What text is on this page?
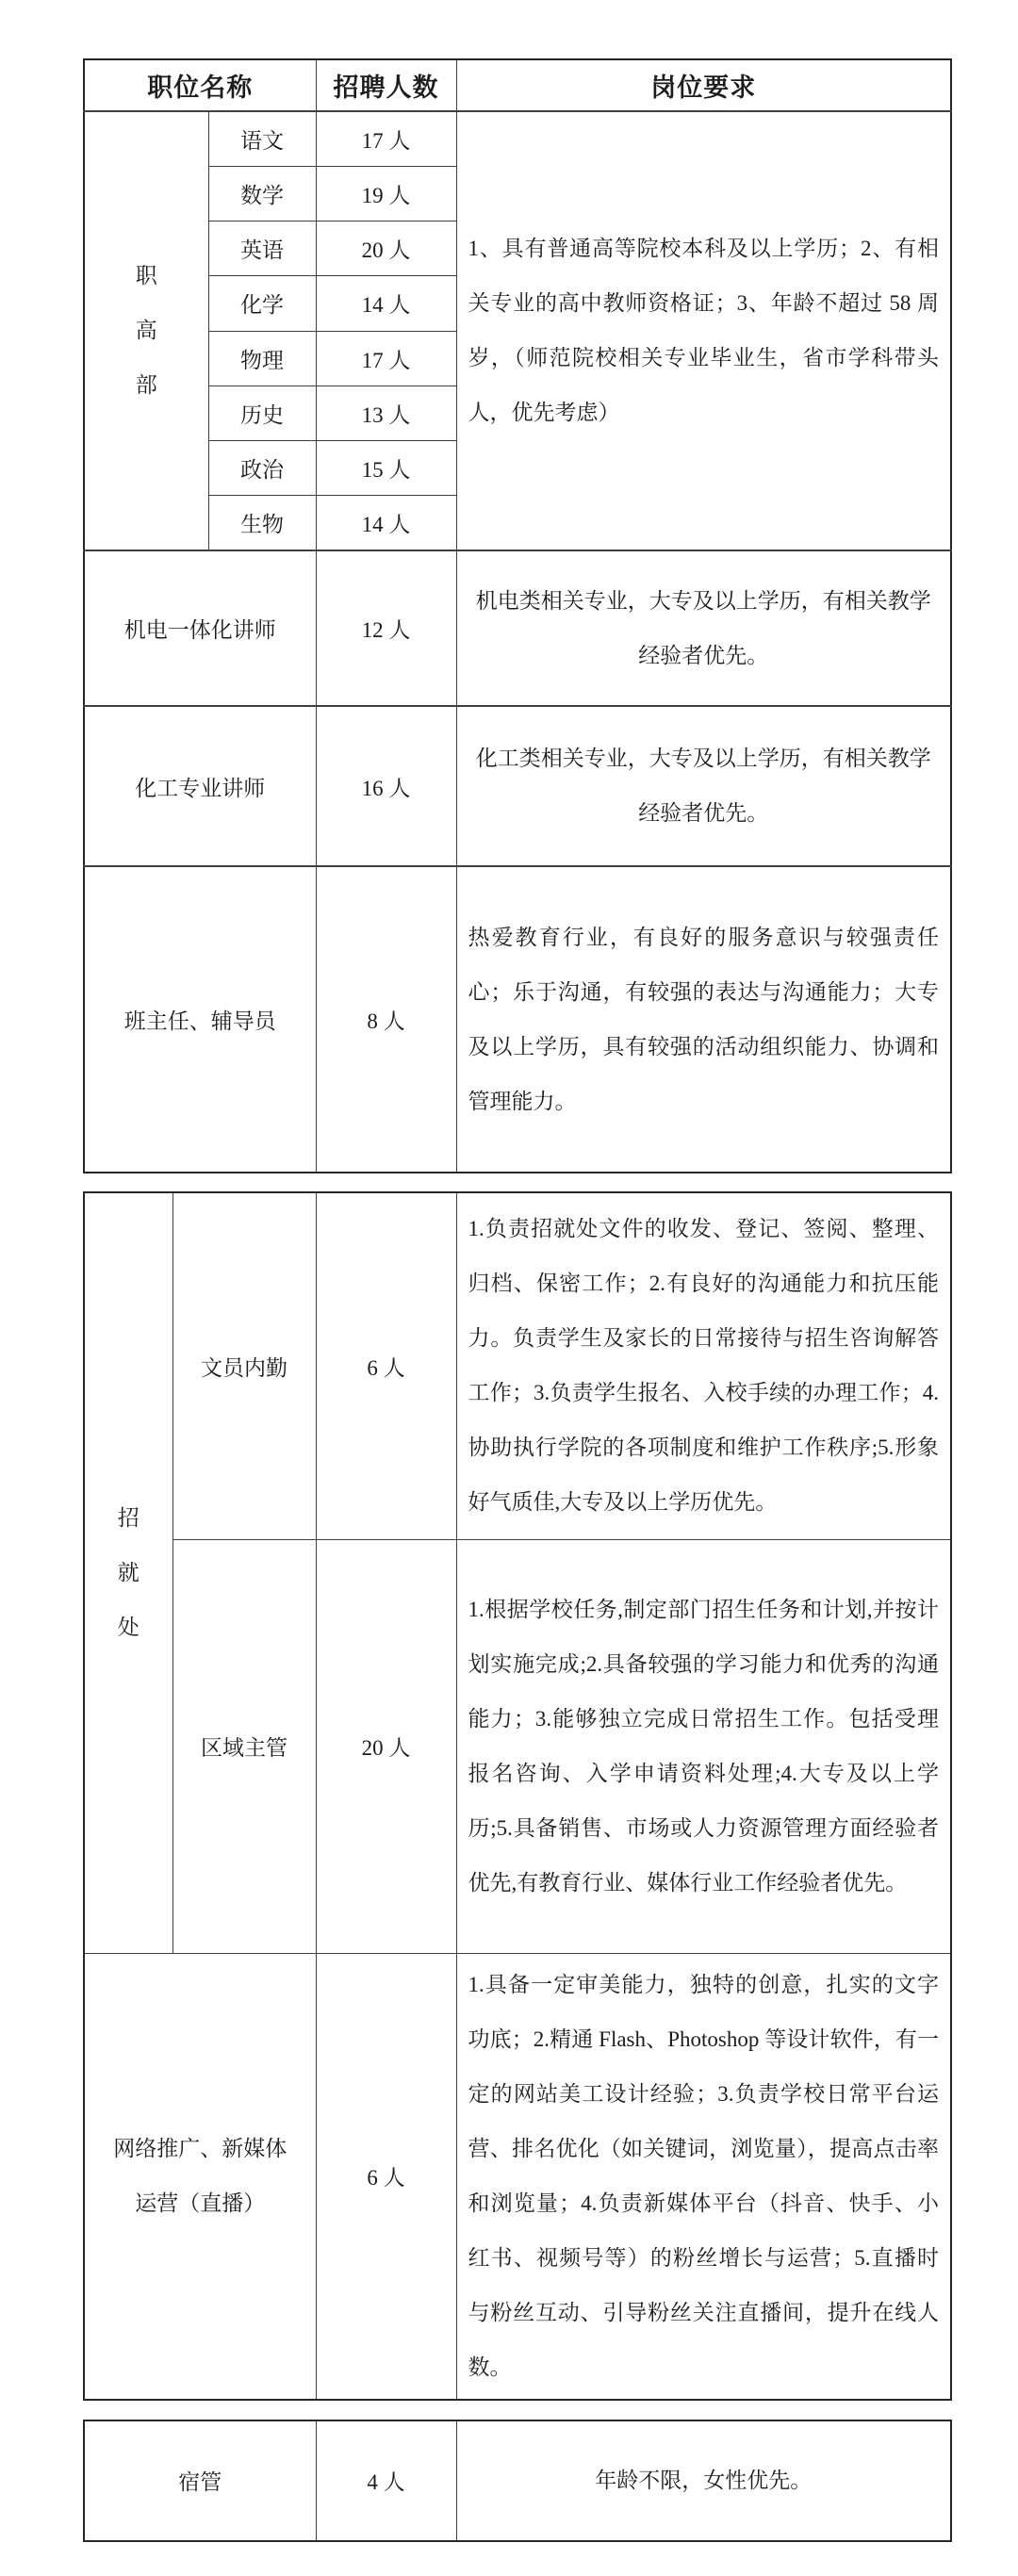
职位名称		招聘人数	岗位要求

职高部	语文	17 人	1、具有普通高等院校本科及以上学历；2、有相关专业的高中教师资格证；3、年龄不超过 58 周岁，（师范院校相关专业毕业生，省市学科带头人，优先考虑）
	数学	19 人	
	英语	20 人	
	化学	14 人	
	物理	17 人	
	历史	13 人	
	政治	15 人	
	生物	14 人	
机电一体化讲师		12 人	机电类相关专业，大专及以上学历，有相关教学经验者优先。
化工专业讲师		16 人	化工类相关专业，大专及以上学历，有相关教学经验者优先。
班主任、辅导员		8 人	热爱教育行业，有良好的服务意识与较强责任心；乐于沟通，有较强的表达与沟通能力；大专及以上学历，具有较强的活动组织能力、协调和管理能力。
招就处	文员内勤	6 人	1.负责招就处文件的收发、登记、签阅、整理、归档、保密工作；2.有良好的沟通能力和抗压能力。负责学生及家长的日常接待与招生咨询解答工作；3.负责学生报名、入校手续的办理工作；4.协助执行学院的各项制度和维护工作秩序;5.形象好气质佳,大专及以上学历优先。
	区域主管	20 人	1.根据学校任务,制定部门招生任务和计划,并按计划实施完成;2.具备较强的学习能力和优秀的沟通能力；3.能够独立完成日常招生工作。包括受理报名咨询、入学申请资料处理;4.大专及以上学历;5.具备销售、市场或人力资源管理方面经验者优先,有教育行业、媒体行业工作经验者优先。

网络推广、新媒体运营（直播）		6 人	1.具备一定审美能力，独特的创意，扎实的文字功底；2.精通 Flash、Photoshop 等设计软件，有一定的网站美工设计经验；3.负责学校日常平台运营、排名优化（如关键词，浏览量），提高点击率和浏览量；4.负责新媒体平台（抖音、快手、小红书、视频号等）的粉丝增长与运营；5.直播时与粉丝互动、引导粉丝关注直播间，提升在线人数。
宿管	4 人	年龄不限，女性优先。
